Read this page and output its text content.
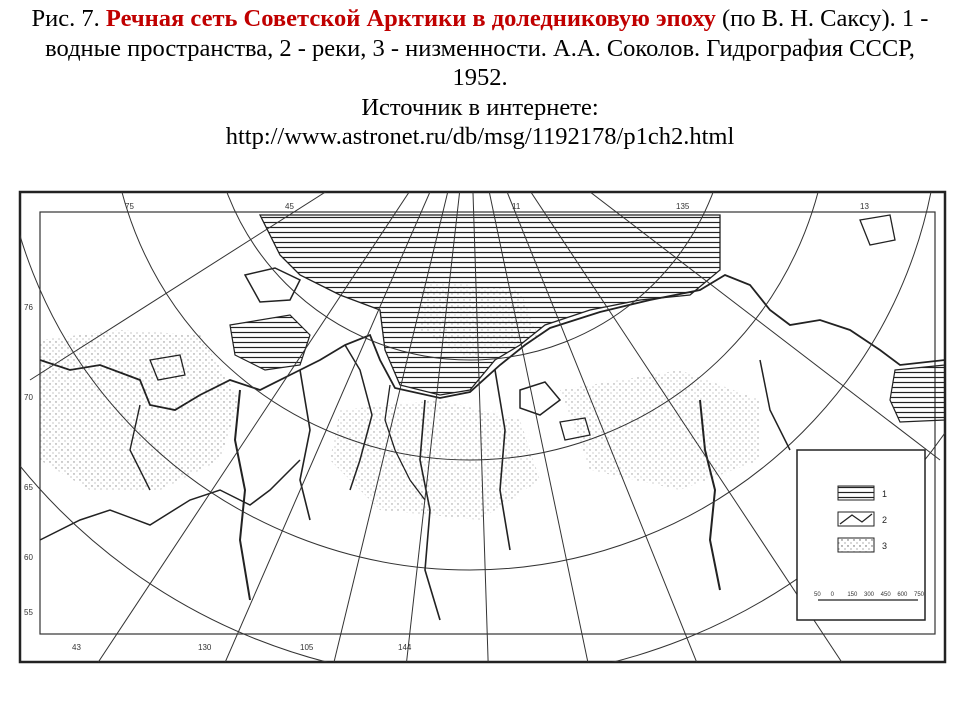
Рис. 7. Речная сеть Советской Арктики в доледниковую эпоху (по В. Н. Саксу). 1 - водные пространства, 2 - реки, 3 - низменности. А.А. Соколов. Гидрография СССР, 1952.
Источник в интернете:
http://www.astronet.ru/db/msg/1192178/p1ch2.html
75	45	11	135	13
43	130	105	144
76
70
65
60
55
1
2
3
50 0 150 300 450 600 750
